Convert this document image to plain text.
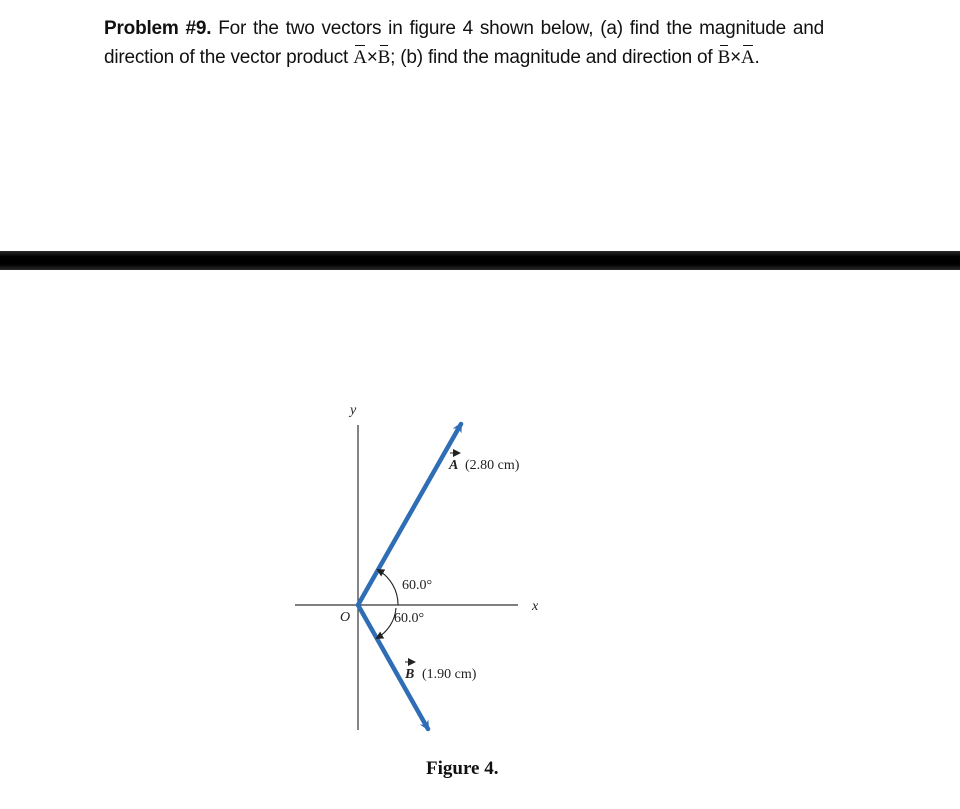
Problem #9. For the two vectors in figure 4 shown below, (a) find the magnitude and
direction of the vector product A×B; (b) find the magnitude and direction of B×A.
y
x
O
60.0°
60.0°
A (2.80 cm)
B (1.90 cm)
Figure 4.
